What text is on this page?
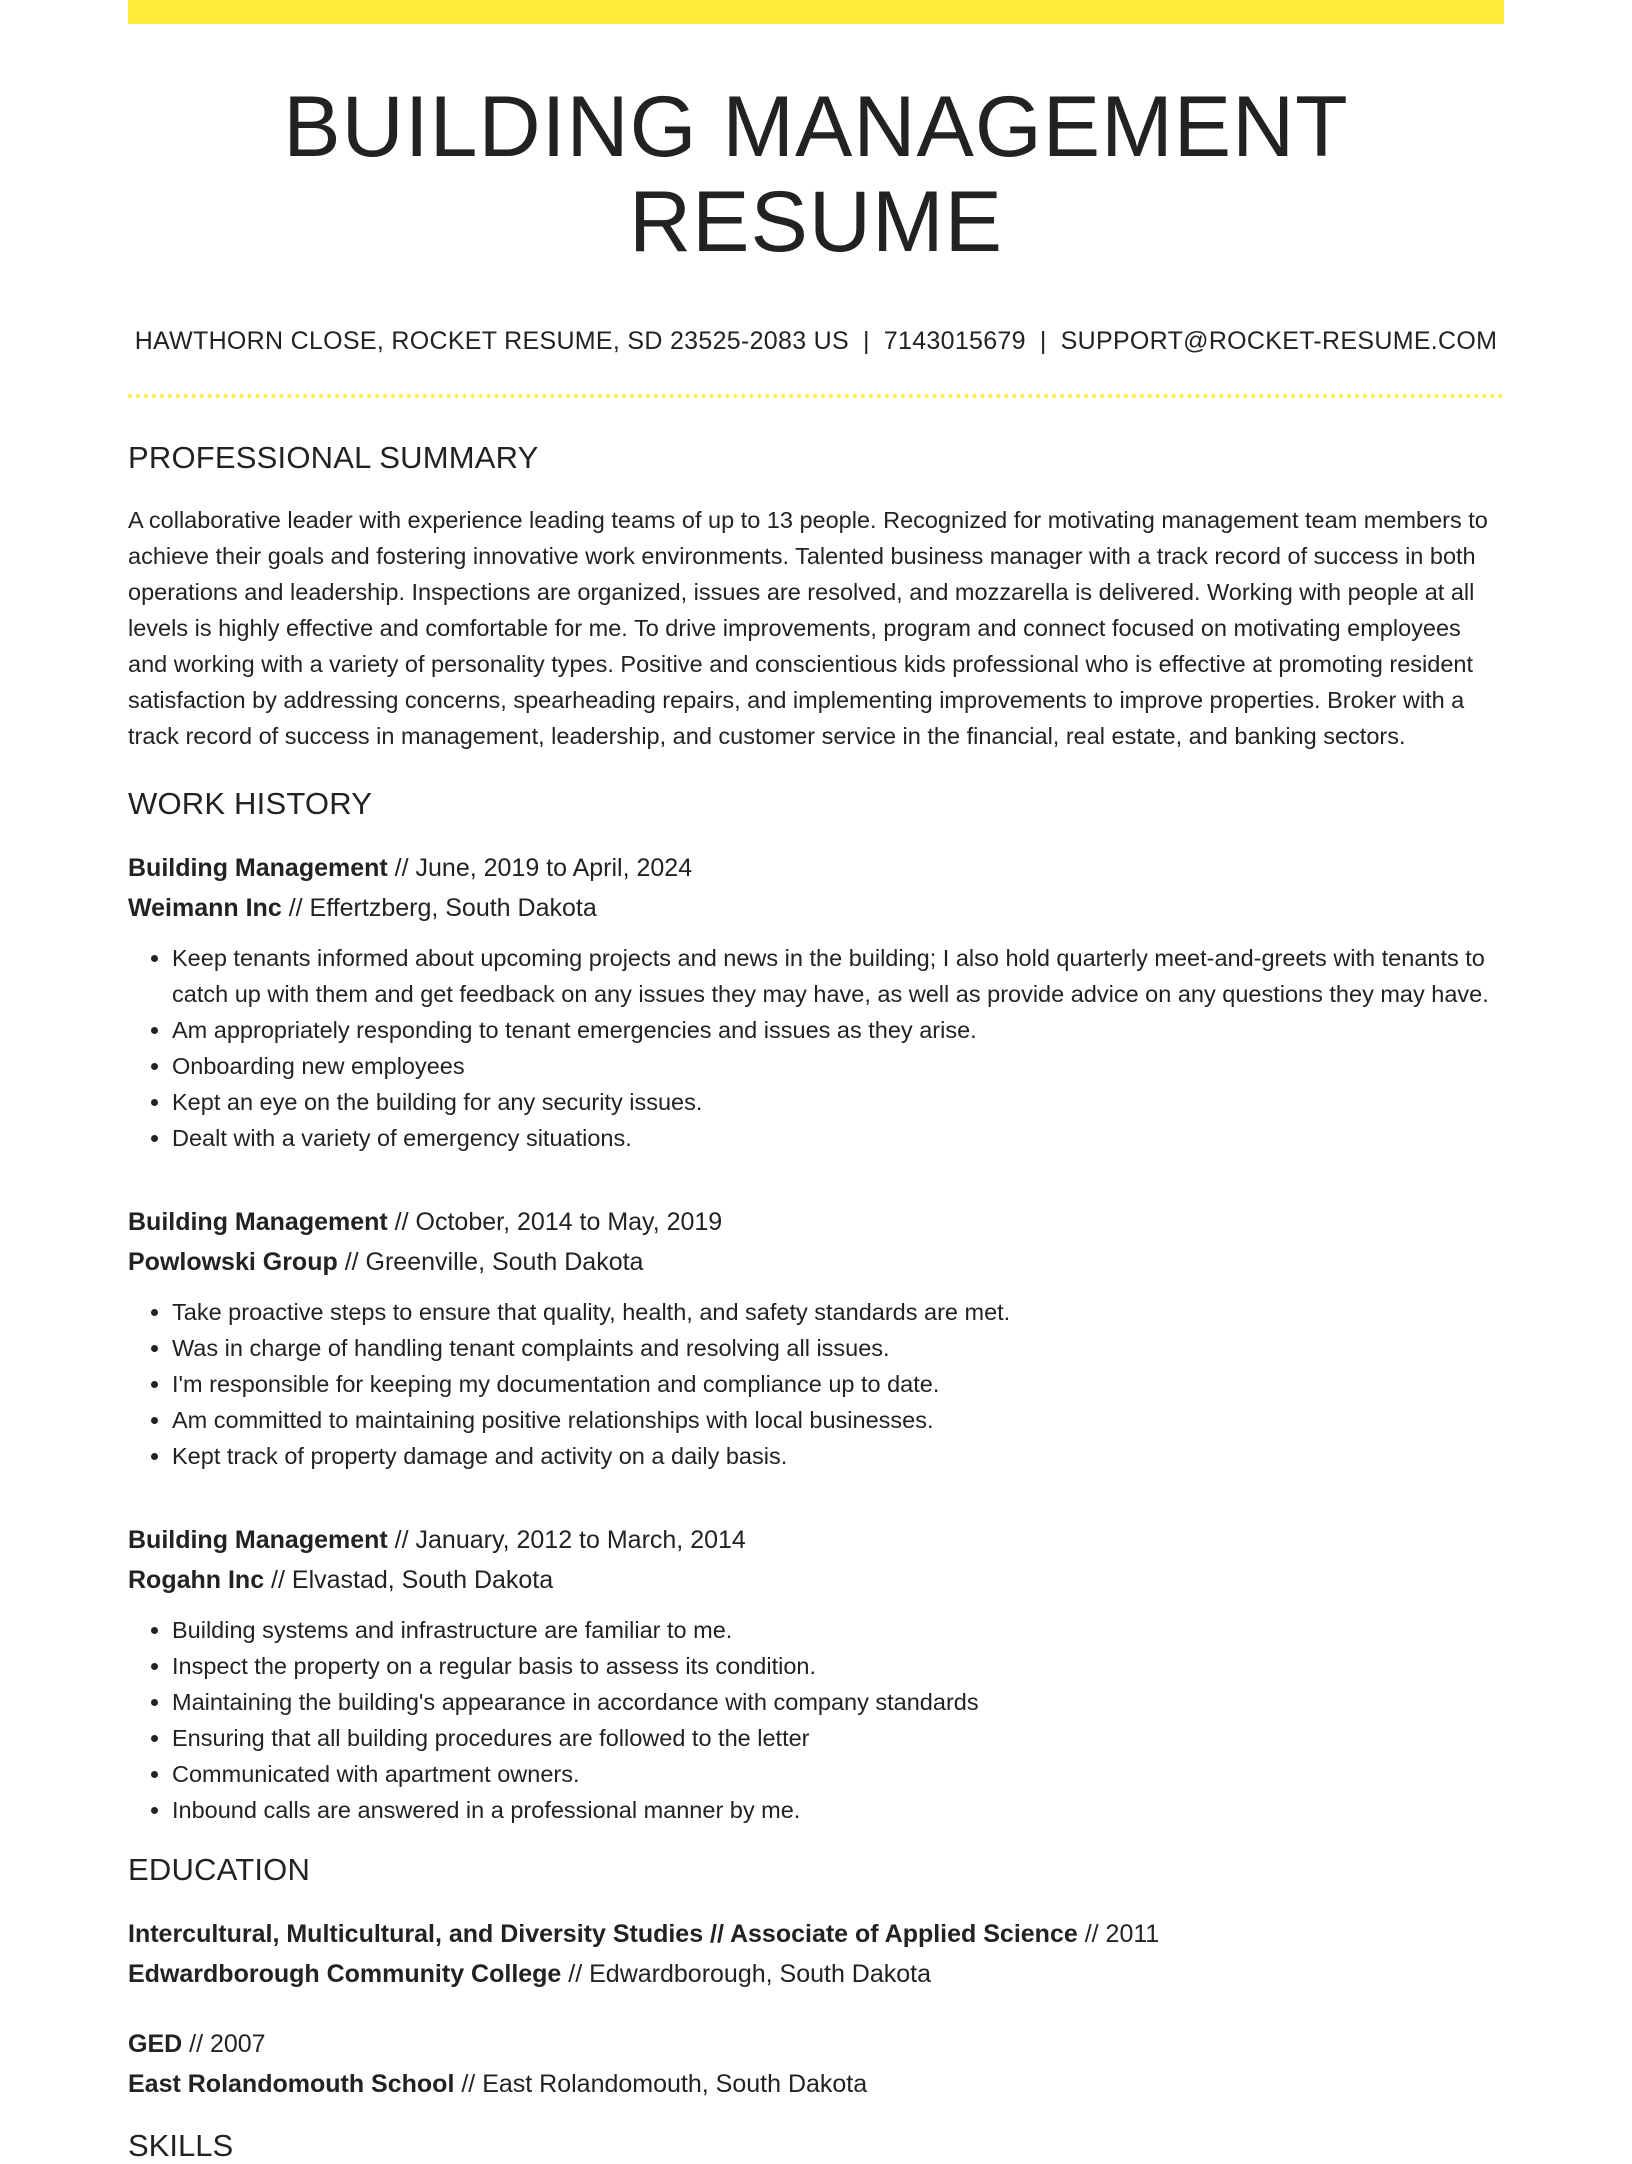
BUILDING MANAGEMENT RESUME
HAWTHORN CLOSE, ROCKET RESUME, SD 23525-2083 US | 7143015679 | SUPPORT@ROCKET-RESUME.COM
PROFESSIONAL SUMMARY
A collaborative leader with experience leading teams of up to 13 people. Recognized for motivating management team members to achieve their goals and fostering innovative work environments. Talented business manager with a track record of success in both operations and leadership. Inspections are organized, issues are resolved, and mozzarella is delivered. Working with people at all levels is highly effective and comfortable for me. To drive improvements, program and connect focused on motivating employees and working with a variety of personality types. Positive and conscientious kids professional who is effective at promoting resident satisfaction by addressing concerns, spearheading repairs, and implementing improvements to improve properties. Broker with a track record of success in management, leadership, and customer service in the financial, real estate, and banking sectors.
WORK HISTORY
Building Management // June, 2019 to April, 2024
Weimann Inc // Effertzberg, South Dakota
• Keep tenants informed about upcoming projects and news in the building; I also hold quarterly meet-and-greets with tenants to catch up with them and get feedback on any issues they may have, as well as provide advice on any questions they may have.
• Am appropriately responding to tenant emergencies and issues as they arise.
• Onboarding new employees
• Kept an eye on the building for any security issues.
• Dealt with a variety of emergency situations.
Building Management // October, 2014 to May, 2019
Powlowski Group // Greenville, South Dakota
• Take proactive steps to ensure that quality, health, and safety standards are met.
• Was in charge of handling tenant complaints and resolving all issues.
• I'm responsible for keeping my documentation and compliance up to date.
• Am committed to maintaining positive relationships with local businesses.
• Kept track of property damage and activity on a daily basis.
Building Management // January, 2012 to March, 2014
Rogahn Inc // Elvastad, South Dakota
• Building systems and infrastructure are familiar to me.
• Inspect the property on a regular basis to assess its condition.
• Maintaining the building's appearance in accordance with company standards
• Ensuring that all building procedures are followed to the letter
• Communicated with apartment owners.
• Inbound calls are answered in a professional manner by me.
EDUCATION
Intercultural, Multicultural, and Diversity Studies // Associate of Applied Science // 2011
Edwardborough Community College // Edwardborough, South Dakota
GED // 2007
East Rolandomouth School // East Rolandomouth, South Dakota
SKILLS
